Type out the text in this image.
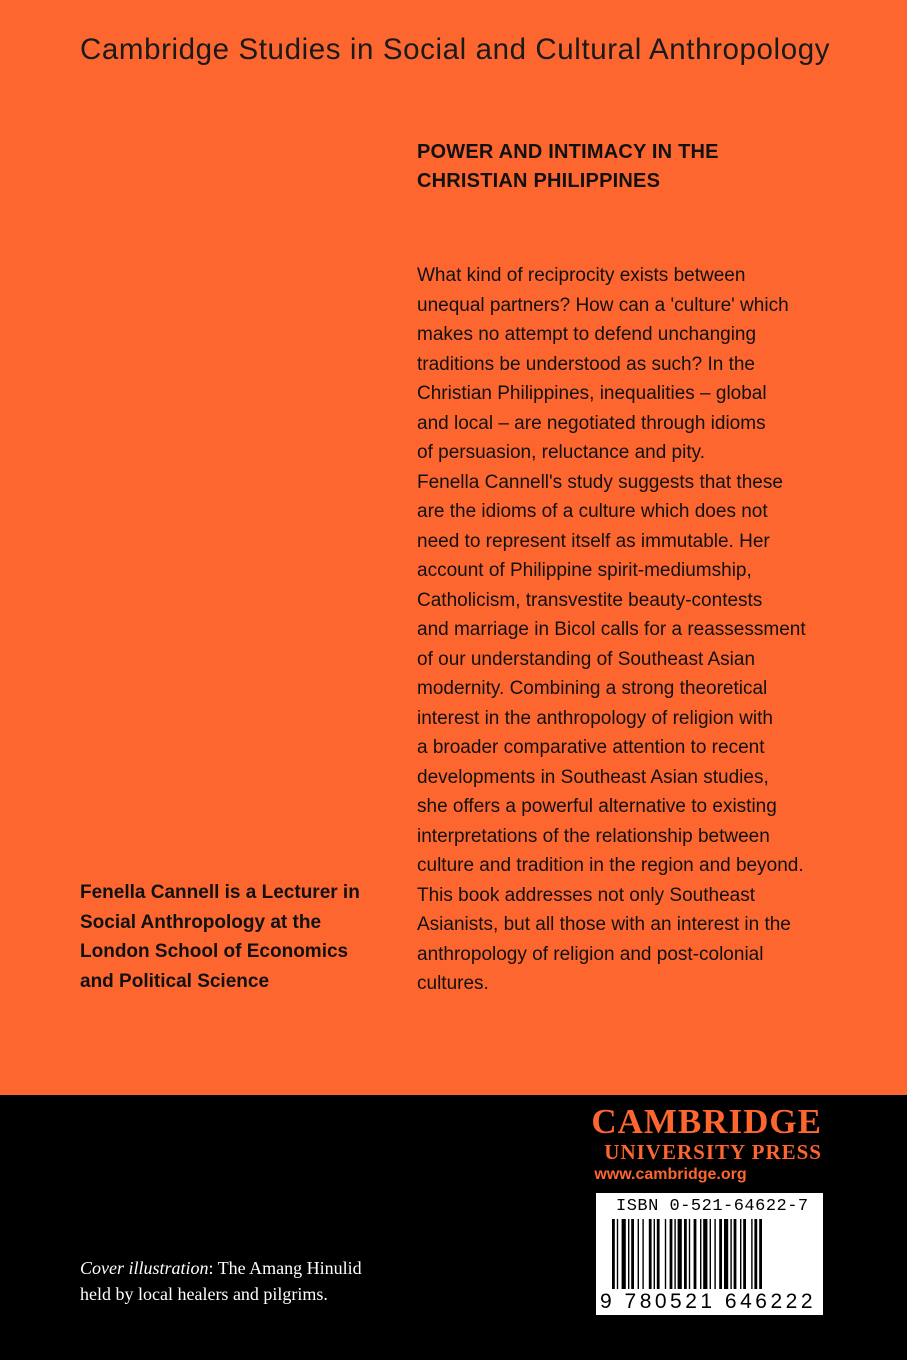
Cambridge Studies in Social and Cultural Anthropology
POWER AND INTIMACY IN THE
CHRISTIAN PHILIPPINES
What kind of reciprocity exists between
unequal partners? How can a 'culture' which
makes no attempt to defend unchanging
traditions be understood as such? In the
Christian Philippines, inequalities – global
and local – are negotiated through idioms
of persuasion, reluctance and pity.
Fenella Cannell's study suggests that these
are the idioms of a culture which does not
need to represent itself as immutable. Her
account of Philippine spirit-mediumship,
Catholicism, transvestite beauty-contests
and marriage in Bicol calls for a reassessment
of our understanding of Southeast Asian
modernity. Combining a strong theoretical
interest in the anthropology of religion with
a broader comparative attention to recent
developments in Southeast Asian studies,
she offers a powerful alternative to existing
interpretations of the relationship between
culture and tradition in the region and beyond.
This book addresses not only Southeast
Asianists, but all those with an interest in the
anthropology of religion and post-colonial
cultures.
Fenella Cannell is a Lecturer in
Social Anthropology at the
London School of Economics
and Political Science
Cover illustration: The Amang Hinulid
held by local healers and pilgrims.
CAMBRIDGE
UNIVERSITY PRESS
www.cambridge.org
ISBN 0-521-64622-7
9 780521 646222 >
